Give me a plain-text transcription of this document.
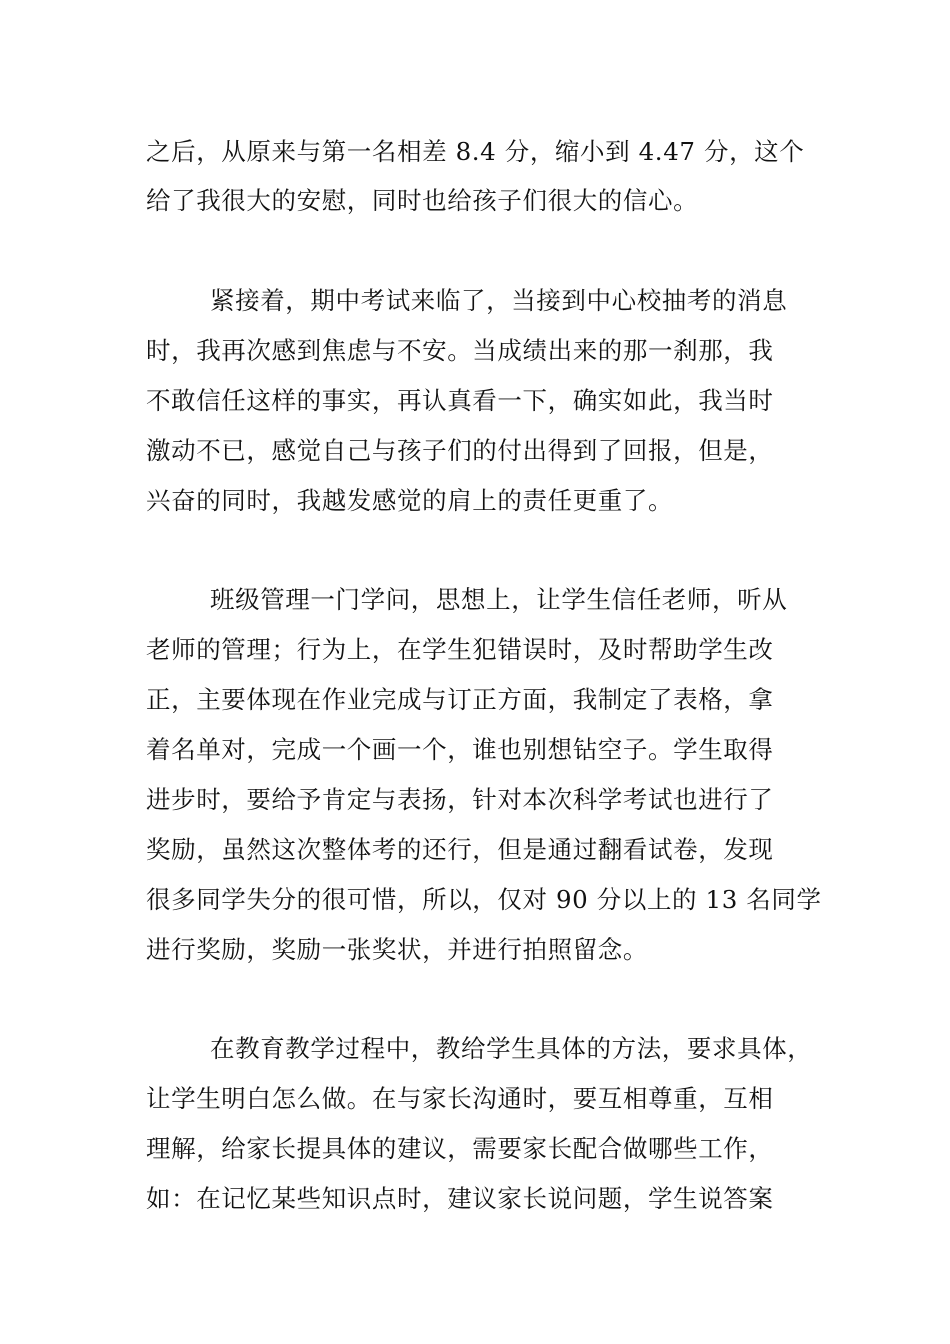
之后，从原来与第一名相差 8.4 分，缩小到 4.47 分，这个
给了我很大的安慰，同时也给孩子们很大的信心。
紧接着，期中考试来临了，当接到中心校抽考的消息
时，我再次感到焦虑与不安。当成绩出来的那一刹那，我
不敢信任这样的事实，再认真看一下，确实如此，我当时
激动不已，感觉自己与孩子们的付出得到了回报，但是，
兴奋的同时，我越发感觉的肩上的责任更重了。
班级管理一门学问，思想上，让学生信任老师，听从
老师的管理；行为上，在学生犯错误时，及时帮助学生改
正，主要体现在作业完成与订正方面，我制定了表格，拿
着名单对，完成一个画一个，谁也别想钻空子。学生取得
进步时，要给予肯定与表扬，针对本次科学考试也进行了
奖励，虽然这次整体考的还行，但是通过翻看试卷，发现
很多同学失分的很可惜，所以，仅对 90 分以上的 13 名同学
进行奖励，奖励一张奖状，并进行拍照留念。
在教育教学过程中，教给学生具体的方法，要求具体，
让学生明白怎么做。在与家长沟通时，要互相尊重，互相
理解，给家长提具体的建议，需要家长配合做哪些工作，
如：在记忆某些知识点时，建议家长说问题，学生说答案
